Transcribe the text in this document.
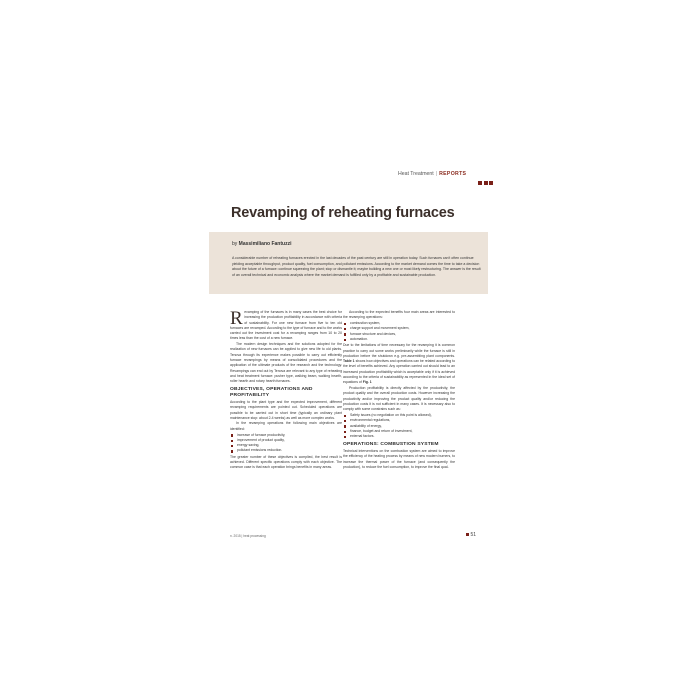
Heat Treatment | REPORTS
Revamping of reheating furnaces
by Massimiliano Fantuzzi

A considerable number of reheating furnaces erected in the last decades of the past century are still in operation today. Such furnaces can't often continue yielding acceptable throughput, product quality, fuel consumption, and pollutant emissions. According to the market demand comes the time to take a decision about the future of a furnace: continue squeezing the plant; stop or dismantle it; maybe building a new one or most likely restructuring. The answer is the result of an overall technical and economic analysis where the market demand is fulfilled only by a profitable and sustainable production.

Revamping of the furnaces is in many cases the best choice for increasing the production profitability in accordance with criteria of sustainability. For one new furnace from five to ten old furnaces are revamped. According to the type of furnace and to the works carried out the investment cost for a revamping ranges from 10 to 20 times less than the cost of a new furnace.

The modern design techniques and the solutions adopted for the realization of new furnaces can be applied to give new life to old plants. Tenova through its experience makes possible to carry out efficiently furnace revampings by means of consolidated procedures and the application of the ultimate products of the research and the technology. Revampings can end out by Tenova are relevant to any type of reheating and heat treatment furnace: pusher type, walking beam, walking hearth, roller hearth and rotary hearth furnaces.

OBJECTIVES, OPERATIONS AND PROFITABILITY

According to the plant type and the expected improvement, different revamping requirements are pointed out. Scheduled operations are possible to be carried out in short time (typically an ordinary plant maintenance stop: about 2-4 weeks) as well as more complex works.

In the revamping operations the following main objectives are identified:

increase of furnace productivity,
improvement of product quality,
energy saving,
pollutant emissions reduction.

The greater number of these objectives is complied, the best result is achieved. Different specific operations comply with each objective. The common case is that each operation brings benefits in many areas.

According to the expected benefits four main areas are interested to the revamping operations:

combustion system,
charge support and movement system,
furnace structure and devices,
automation.

Due to the limitations of time necessary for the revamping it is common practice to carry out some works preliminarily while the furnace is still in production before the shutdown e.g. pre-assembling plant components. Table 1 shows how objectives and operations can be related according to the level of benefits achieved. Any operation carried out should lead to an increased production profitability which is acceptable only if it is achieved according to the criteria of sustainability as represented in the ideal set of equations of Fig. 1

Production profitability is directly affected by the productivity, the product quality and the overall production costs. However increasing the productivity and/or improving the product quality and/or reducing the production costs it is not sufficient in many cases. It is necessary also to comply with some constrains such as:

Safety issues (no negotiation on this point is allowed),
environmental regulations,
availability of energy,
finance, budget and return of investment,
external factors.
OPERATIONS: COMBUSTION SYSTEM

Technical interventions on the combustion system are aimed to improve the efficiency of the heating process by means of new modern burners, to increase the thermal power of the furnace (and consequently the production), to reduce the fuel consumption, to improve the final qual-

n. 2015 | heat processing	51
